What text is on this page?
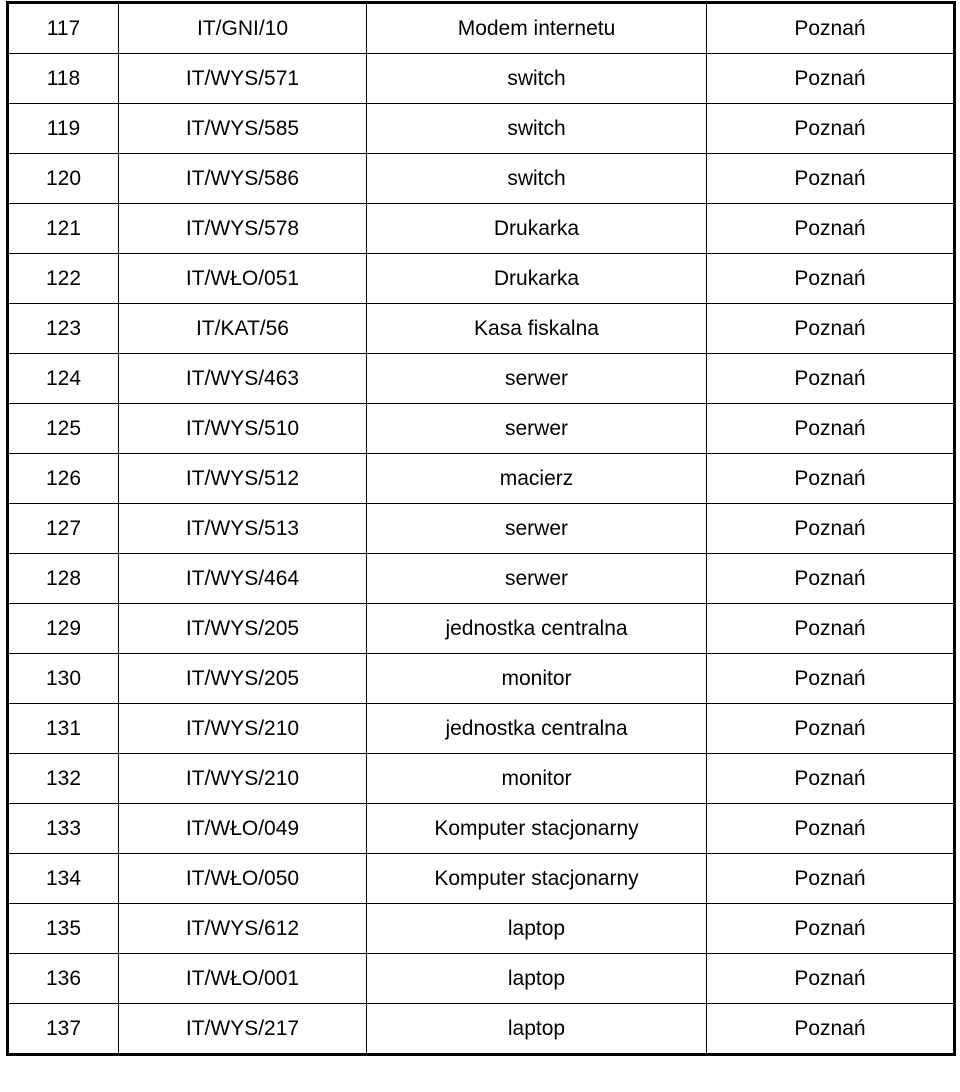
117	IT/GNI/10	Modem internetu	Poznań
118	IT/WYS/571	switch	Poznań
119	IT/WYS/585	switch	Poznań
120	IT/WYS/586	switch	Poznań
121	IT/WYS/578	Drukarka	Poznań
122	IT/WŁO/051	Drukarka	Poznań
123	IT/KAT/56	Kasa fiskalna	Poznań
124	IT/WYS/463	serwer	Poznań
125	IT/WYS/510	serwer	Poznań
126	IT/WYS/512	macierz	Poznań
127	IT/WYS/513	serwer	Poznań
128	IT/WYS/464	serwer	Poznań
129	IT/WYS/205	jednostka centralna	Poznań
130	IT/WYS/205	monitor	Poznań
131	IT/WYS/210	jednostka centralna	Poznań
132	IT/WYS/210	monitor	Poznań
133	IT/WŁO/049	Komputer stacjonarny	Poznań
134	IT/WŁO/050	Komputer stacjonarny	Poznań
135	IT/WYS/612	laptop	Poznań
136	IT/WŁO/001	laptop	Poznań
137	IT/WYS/217	laptop	Poznań
